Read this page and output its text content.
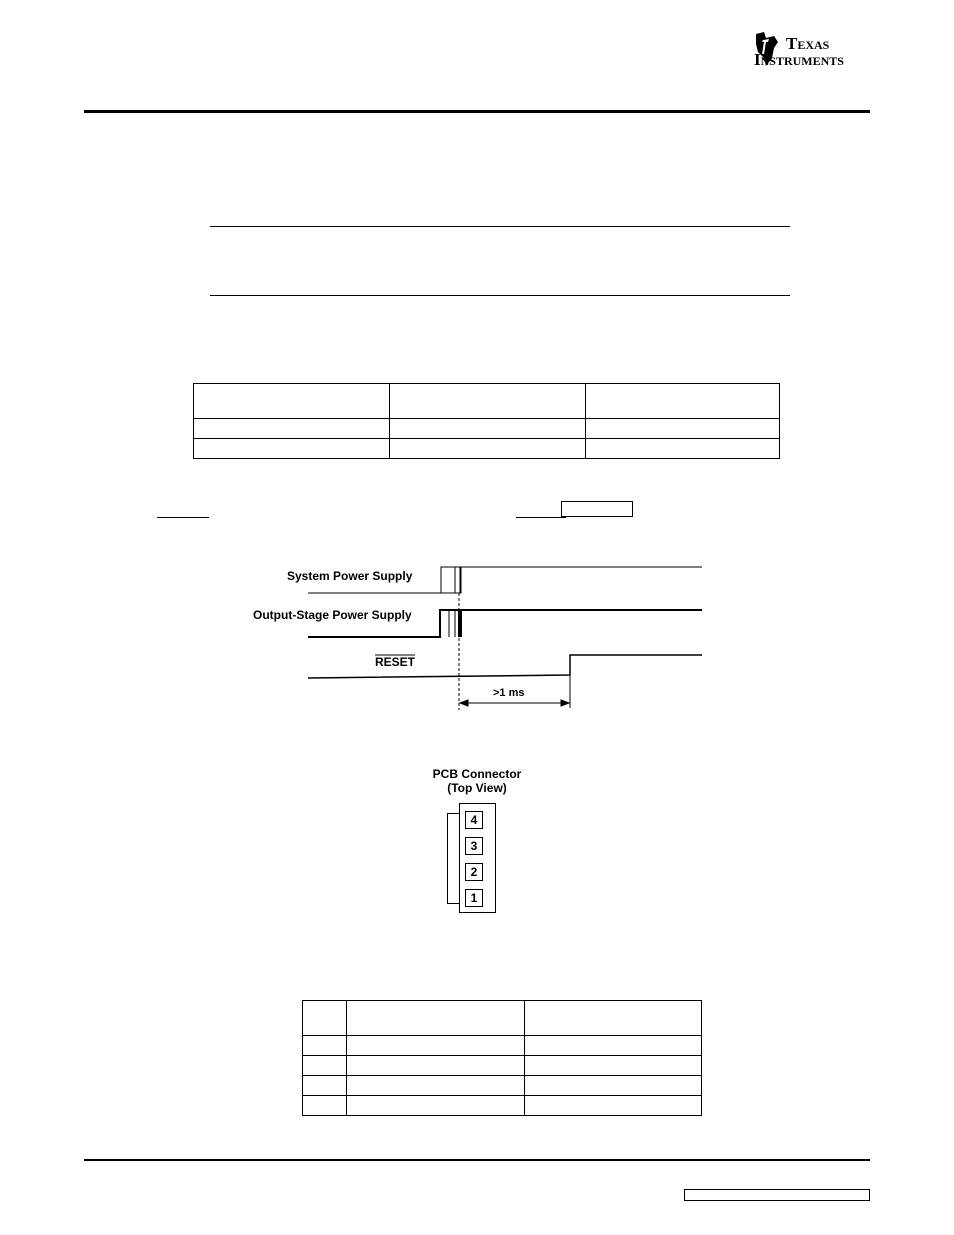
Texas
Instruments

System Power Supply
Output-Stage Power Supply
RESET
>1 ms
PCB Connector
(Top View)
4
3
2
1
